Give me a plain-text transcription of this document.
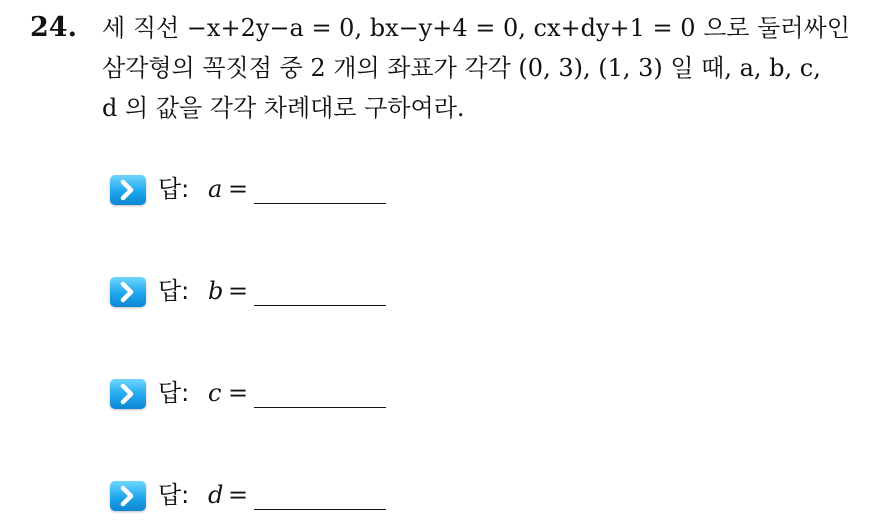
24. 세 직선 −x+2y−a = 0, bx−y+4 = 0, cx+dy+1 = 0 으로 둘러싸인
삼각형의 꼭짓점 중 2 개의 좌표가 각각 (0, 3), (1, 3) 일 때, a, b, c,
d 의 값을 각각 차례대로 구하여라.
답: a =
답: b =
답: c =
답: d =
